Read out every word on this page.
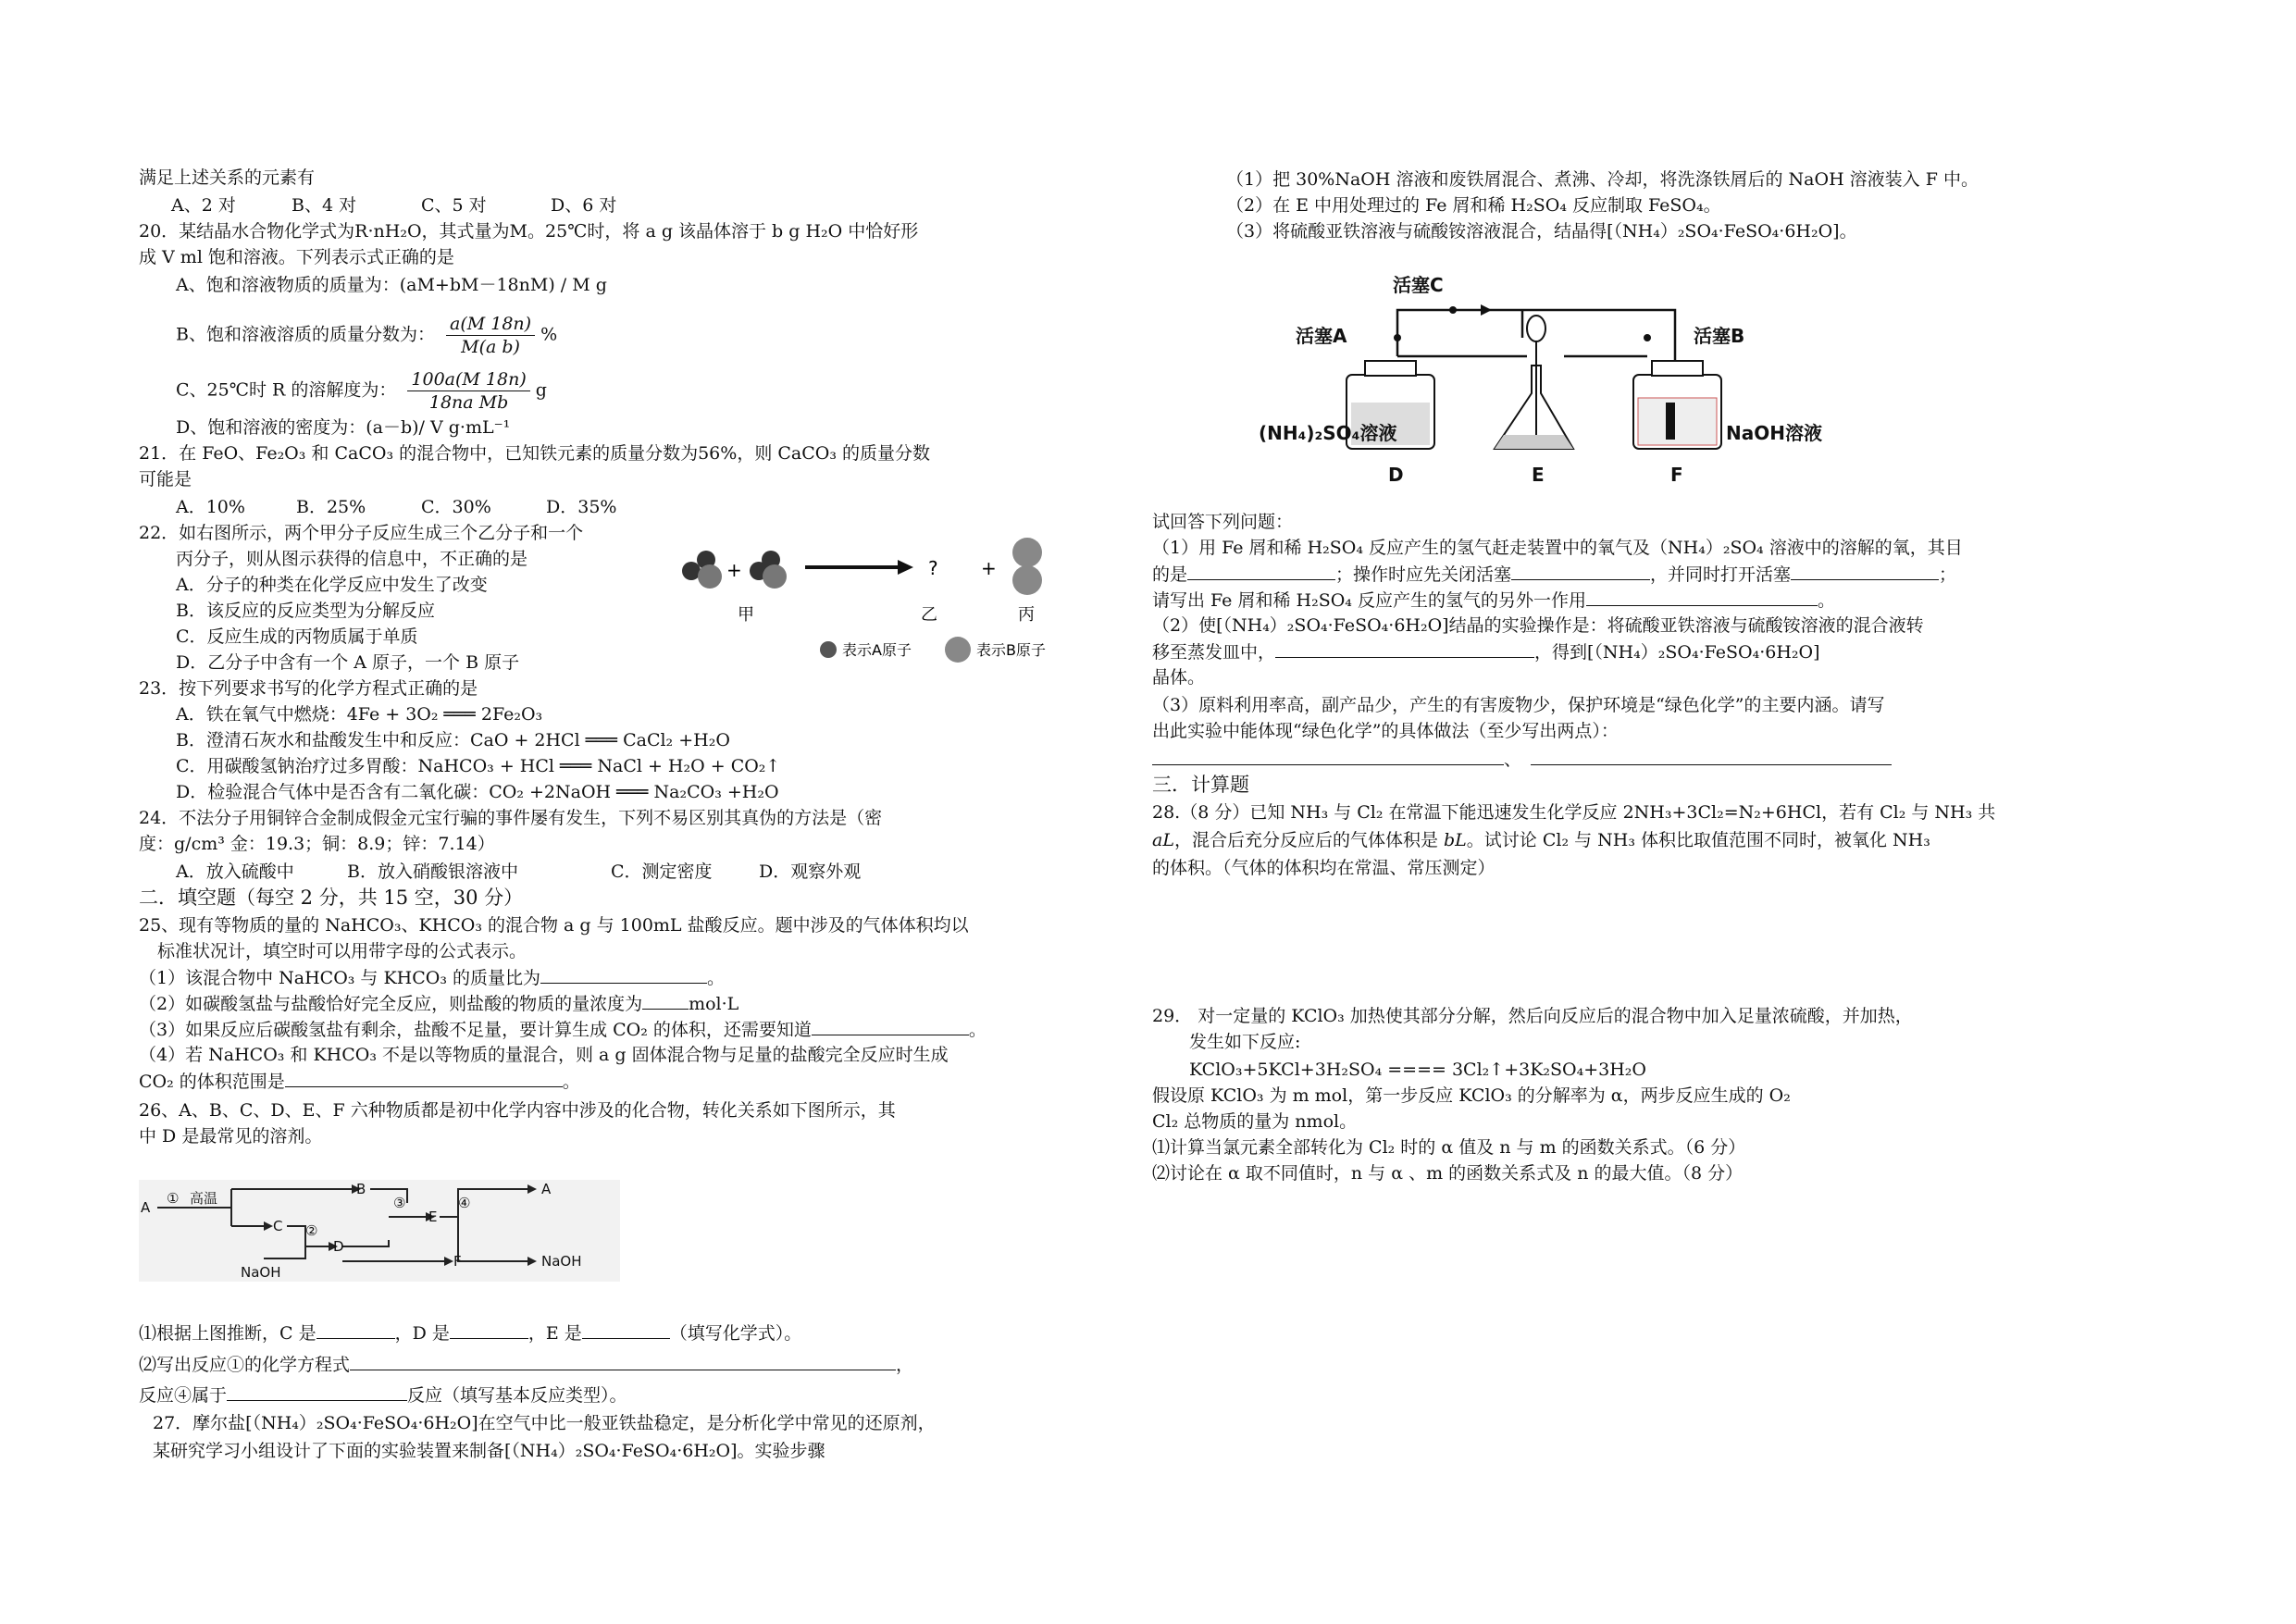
满足上述关系的元素有
A、2 对	B、4 对	C、5 对	D、6 对
20．某结晶水合物化学式为R·nH₂O，其式量为M。25℃时，将 a g 该晶体溶于 b g H₂O 中恰好形
成 V ml 饱和溶液。下列表示式正确的是
A、饱和溶液物质的质量为：(aM+bM－18nM) / M g
B、饱和溶液溶质的质量分数为： $\frac{a(M 18n)}{\text{M(a b)}}$ %
C、25℃时 R 的溶解度为： $\frac{100a(M 18n)}{\text{18na Mb}}$ g
D、饱和溶液的密度为：(a－b)/ V g·mL⁻¹
21．在 FeO、Fe₂O₃ 和 CaCO₃ 的混合物中，已知铁元素的质量分数为56%，则 CaCO₃ 的质量分数
可能是
A．10%	B．25%	C．30%	D．35%
22．如右图所示，两个甲分子反应生成三个乙分子和一个
丙分子，则从图示获得的信息中，不正确的是
A．分子的种类在化学反应中发生了改变
B．该反应的反应类型为分解反应
C．反应生成的丙物质属于单质
D．乙分子中含有一个 A 原子，一个 B 原子
+	? +
甲	乙	丙
表示A原子	表示B原子
23．按下列要求书写的化学方程式正确的是
A．铁在氧气中燃烧：4Fe + 3O₂ ═══ 2Fe₂O₃
B．澄清石灰水和盐酸发生中和反应：CaO + 2HCl ═══ CaCl₂ +H₂O
C．用碳酸氢钠治疗过多胃酸：NaHCO₃ + HCl ═══ NaCl + H₂O + CO₂↑
D．检验混合气体中是否含有二氧化碳：CO₂ +2NaOH ═══ Na₂CO₃ +H₂O
24．不法分子用铜锌合金制成假金元宝行骗的事件屡有发生，下列不易区别其真伪的方法是（密
度：g/cm³ 金：19.3；铜：8.9；锌：7.14）
A．放入硫酸中	B．放入硝酸银溶液中	C．测定密度	D．观察外观
二．填空题（每空 2 分，共 15 空，30 分）
25、现有等物质的量的 NaHCO₃、KHCO₃ 的混合物 a g 与 100mL 盐酸反应。题中涉及的气体体积均以
标准状况计，填空时可以用带字母的公式表示。
（1）该混合物中 NaHCO₃ 与 KHCO₃ 的质量比为	。
（2）如碳酸氢盐与盐酸恰好完全反应，则盐酸的物质的量浓度为	mol·L
（3）如果反应后碳酸氢盐有剩余，盐酸不足量，要计算生成 CO₂ 的体积，还需要知道	。
（4）若 NaHCO₃ 和 KHCO₃ 不是以等物质的量混合，则 a g 固体混合物与足量的盐酸完全反应时生成
CO₂ 的体积范围是	。
26、A、B、C、D、E、F 六种物质都是初中化学内容中涉及的化合物，转化关系如下图所示，其
中 D 是最常见的溶剂。
A
① 高温
B
C ②
D
③
E
④
A
F	NaOH
NaOH
⑴根据上图推断，C 是	，D 是	，E 是	（填写化学式）。
⑵写出反应①的化学方程式	，
反应④属于	反应（填写基本反应类型）。
27．摩尔盐[（NH₄）₂SO₄·FeSO₄·6H₂O]在空气中比一般亚铁盐稳定，是分析化学中常见的还原剂，
某研究学习小组设计了下面的实验装置来制备[（NH₄）₂SO₄·FeSO₄·6H₂O]。实验步骤
（1）把 30%NaOH 溶液和废铁屑混合、煮沸、冷却，将洗涤铁屑后的 NaOH 溶液装入 F 中。
（2）在 E 中用处理过的 Fe 屑和稀 H₂SO₄ 反应制取 FeSO₄。
（3）将硫酸亚铁溶液与硫酸铵溶液混合，结晶得[（NH₄）₂SO₄·FeSO₄·6H₂O]。
活塞C
活塞A	活塞B
(NH₄)₂SO₄溶液	NaOH溶液
D	E	F
试回答下列问题：
（1）用 Fe 屑和稀 H₂SO₄ 反应产生的氢气赶走装置中的氧气及（NH₄）₂SO₄ 溶液中的溶解的氧，其目
的是	；操作时应先关闭活塞	，并同时打开活塞	；
请写出 Fe 屑和稀 H₂SO₄ 反应产生的氢气的另外一作用	。
（2）使[（NH₄）₂SO₄·FeSO₄·6H₂O]结晶的实验操作是：将硫酸亚铁溶液与硫酸铵溶液的混合液转
移至蒸发皿中，	，得到[（NH₄）₂SO₄·FeSO₄·6H₂O]
晶体。
（3）原料利用率高，副产品少，产生的有害废物少，保护环境是“绿色化学”的主要内涵。请写
出此实验中能体现“绿色化学”的具体做法（至少写出两点）：
、
三．计算题
28.（8 分）已知 NH₃ 与 Cl₂ 在常温下能迅速发生化学反应 2NH₃+3Cl₂=N₂+6HCl，若有 Cl₂ 与 NH₃ 共
aL，混合后充分反应后的气体体积是 bL。试讨论 Cl₂ 与 NH₃ 体积比取值范围不同时，被氧化 NH₃
的体积。（气体的体积均在常温、常压测定）
29． 对一定量的 KClO₃ 加热使其部分分解，然后向反应后的混合物中加入足量浓硫酸，并加热，
发生如下反应:
KClO₃+5KCl+3H₂SO₄ ==== 3Cl₂↑+3K₂SO₄+3H₂O
假设原 KClO₃ 为 m mol，第一步反应 KClO₃ 的分解率为 α，两步反应生成的 O₂
Cl₂ 总物质的量为 nmol。
⑴计算当氯元素全部转化为 Cl₂ 时的 α 值及 n 与 m 的函数关系式。（6 分）
⑵讨论在 α 取不同值时，n 与 α 、m 的函数关系式及 n 的最大值。（8 分）
